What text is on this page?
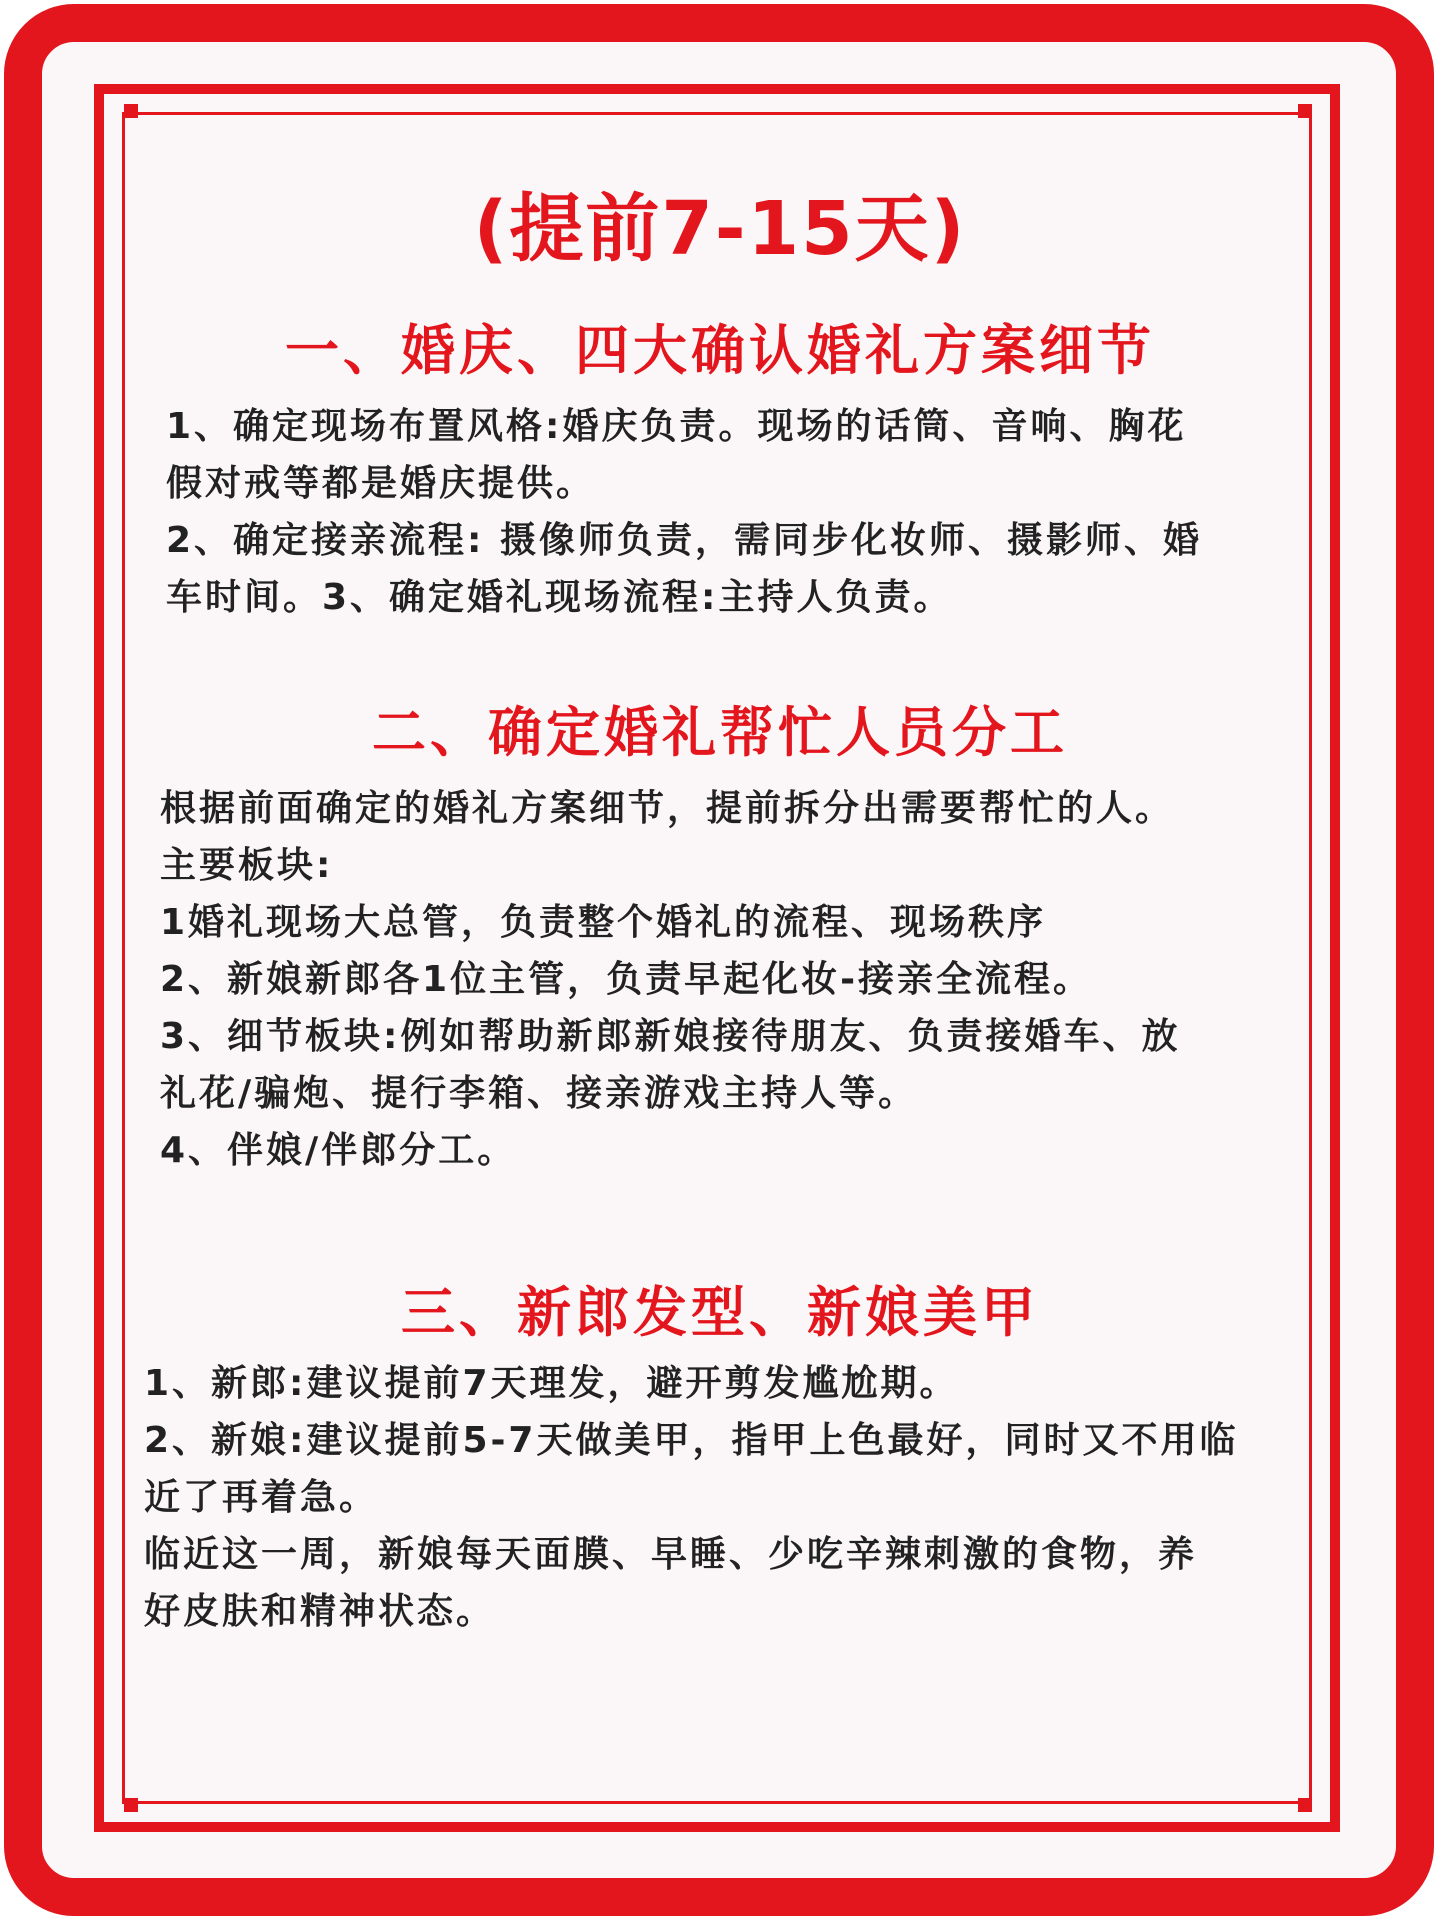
(提前7-15天)
一、婚庆、四大确认婚礼方案细节
1、确定现场布置风格:婚庆负责。现场的话筒、音响、胸花
假对戒等都是婚庆提供。
2、确定接亲流程: 摄像师负责，需同步化妆师、摄影师、婚
车时间。3、确定婚礼现场流程:主持人负责。
二、确定婚礼帮忙人员分工
根据前面确定的婚礼方案细节，提前拆分出需要帮忙的人。
主要板块:
1婚礼现场大总管，负责整个婚礼的流程、现场秩序
2、新娘新郎各1位主管，负责早起化妆-接亲全流程。
3、细节板块:例如帮助新郎新娘接待朋友、负责接婚车、放
礼花/骗炮、提行李箱、接亲游戏主持人等。
4、伴娘/伴郎分工。
三、新郎发型、新娘美甲
1、新郎:建议提前7天理发，避开剪发尴尬期。
2、新娘:建议提前5-7天做美甲，指甲上色最好，同时又不用临
近了再着急。
临近这一周，新娘每天面膜、早睡、少吃辛辣刺激的食物，养
好皮肤和精神状态。
